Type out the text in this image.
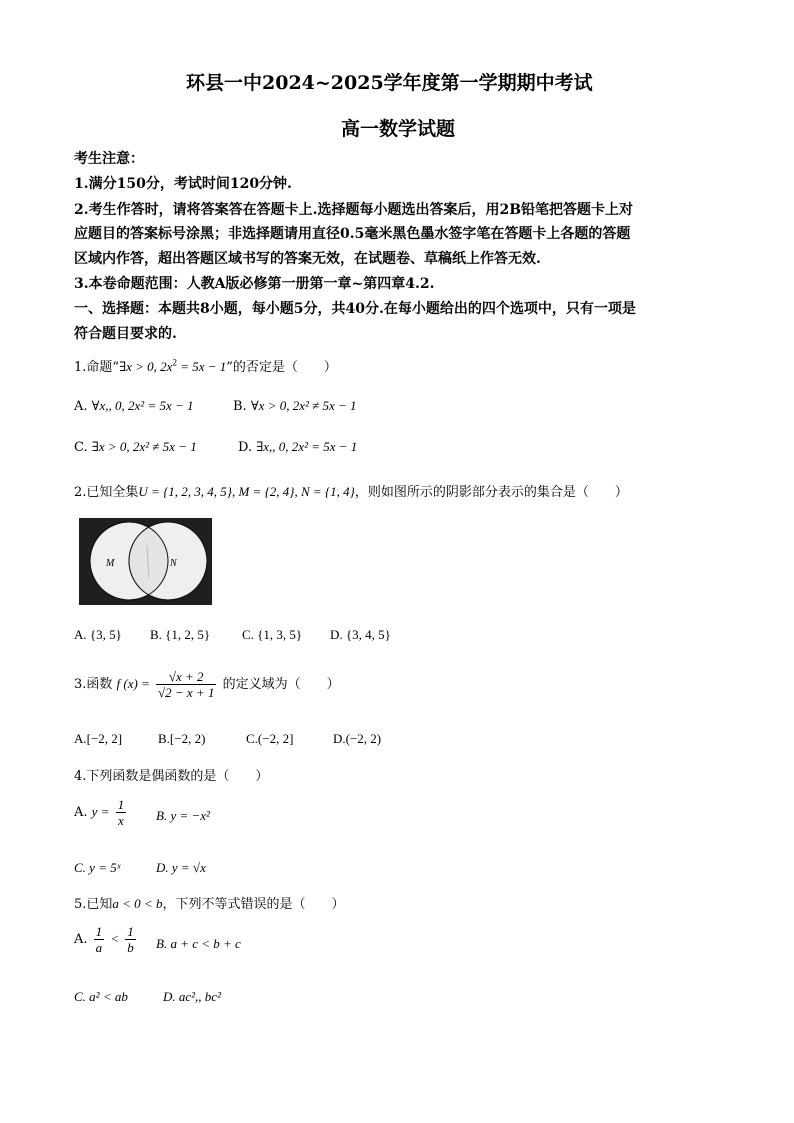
环县一中2024~2025学年度第一学期期中考试
高一数学试题
考生注意：
1.满分150分，考试时间120分钟.
2.考生作答时，请将答案答在答题卡上.选择题每小题选出答案后，用2B铅笔把答题卡上对
应题目的答案标号涂黑；非选择题请用直径0.5毫米黑色墨水签字笔在答题卡上各题的答题
区域内作答，超出答题区域书写的答案无效，在试题卷、草稿纸上作答无效.
3.本卷命题范围：人教A版必修第一册第一章~第四章4.2.
一、选择题：本题共8小题，每小题5分，共40分.在每小题给出的四个选项中，只有一项是
符合题目要求的.
1.命题“∃x > 0, $2x^2 = 5x - 1$”的否定是（　　）
A. ∀x,, 0, 2x² = 5x − 1	B. ∀x > 0, 2x² ≠ 5x − 1
C. ∃x > 0, 2x² ≠ 5x − 1	D. ∃x,, 0, 2x² = 5x − 1
2.已知全集U = {1, 2, 3, 4, 5}, M = {2, 4}, N = {1, 4}，则如图所示的阴影部分表示的集合是（　　）
M	N
A. {3, 5} B. {1, 2, 5} C. {1, 3, 5} D. {3, 4, 5}
3.函数 f $(x) = \frac{√x + 2}{√2 - x + 1}$ 的定义域为（　　）
A.[−2, 2]	B.[−2, 2)	C.(−2, 2]	D.(−2, 2)
4.下列函数是偶函数的是（　　）
A. $y = \frac{1}{x} B$. y = −x²
C. y = 5ˣ	D. y = √x
5.已知a < 0 < b，下列不等式错误的是（　　）
A. $\frac{1}{a} < \frac{1}{b} B$. a + c < b + c
C. a² < ab	D. ac²,, bc²
